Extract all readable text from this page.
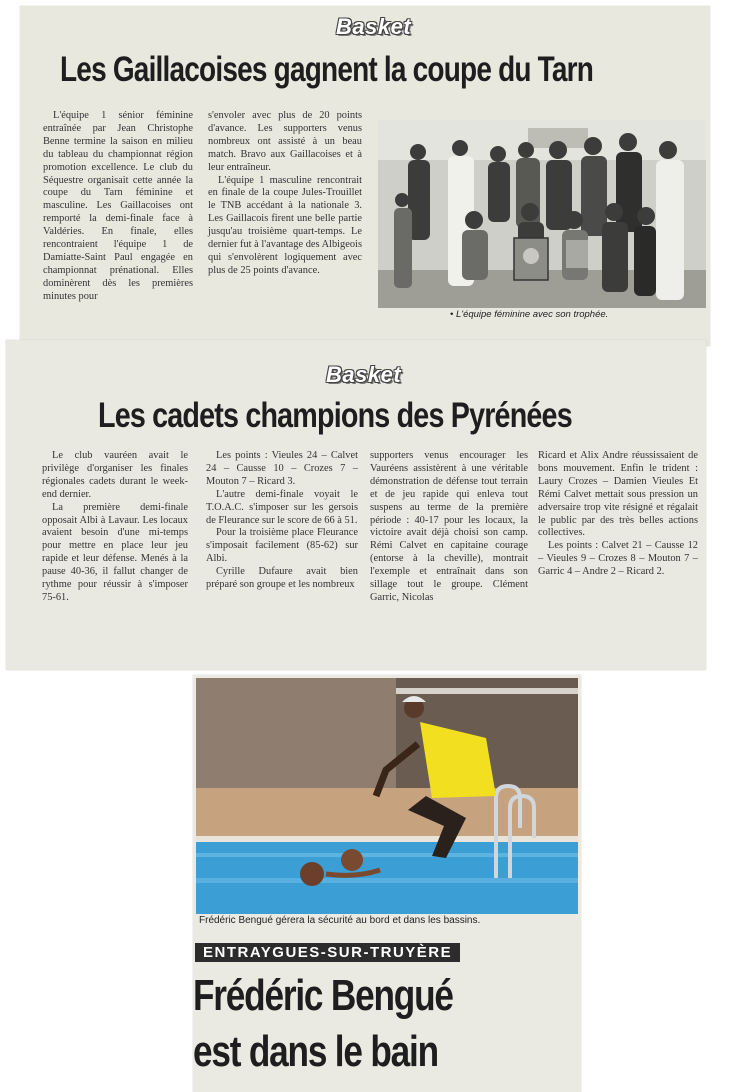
Basket
Les Gaillacoises gagnent la coupe du Tarn

L'équipe 1 sénior féminine entraînée par Jean Christophe Benne termine la saison en milieu du tableau du championnat région promotion excellence. Le club du Séquestre organisait cette année la coupe du Tarn féminine et masculine. Les Gaillacoises ont remporté la demi-finale face à Valdéries. En finale, elles rencontraient l'équipe 1 de Damiatte-Saint Paul engagée en championnat prénational. Elles dominèrent dès les premières minutes pour

s'envoler avec plus de 20 points d'avance. Les supporters venus nombreux ont assisté à un beau match. Bravo aux Gaillacoises et à leur entraîneur.

L'équipe 1 masculine rencontrait en finale de la coupe Jules-Trouillet le TNB accédant à la nationale 3. Les Gaillacois firent une belle partie jusqu'au troisième quart-temps. Le dernier fut à l'avantage des Albigeois qui s'envolèrent logiquement avec plus de 25 points d'avance.

• L'équipe féminine avec son trophée.
Basket
Les cadets champions des Pyrénées

Le club vauréen avait le privilège d'organiser les finales régionales cadets durant le week-end dernier.

La première demi-finale opposait Albi à Lavaur. Les locaux avaient besoin d'une mi-temps pour mettre en place leur jeu rapide et leur défense. Menés à la pause 40-36, il fallut changer de rythme pour réussir à s'imposer 75-61.

Les points : Vieules 24 – Calvet 24 – Causse 10 – Crozes 7 – Mouton 7 – Ricard 3.

L'autre demi-finale voyait le T.O.A.C. s'imposer sur les gersois de Fleurance sur le score de 66 à 51.

Pour la troisième place Fleurance s'imposait facilement (85-62) sur Albi.

Cyrille Dufaure avait bien préparé son groupe et les nombreux

supporters venus encourager les Vauréens assistèrent à une véritable démonstration de défense tout terrain et de jeu rapide qui enleva tout suspens au terme de la première période : 40-17 pour les locaux, la victoire avait déjà choisi son camp. Rémi Calvet en capitaine courage (entorse à la cheville), montrait l'exemple et entraînait dans son sillage tout le groupe. Clément Garric, Nicolas

Ricard et Alix Andre réussissaient de bons mouvement. Enfin le trident : Laury Crozes – Damien Vieules Et Rémi Calvet mettait sous pression un adversaire trop vite résigné et régalait le public par des très belles actions collectives.

Les points : Calvet 21 – Causse 12 – Vieules 9 – Crozes 8 – Mouton 7 – Garric 4 – Andre 2 – Ricard 2.

Frédéric Bengué gérera la sécurité au bord et dans les bassins.
ENTRAYGUES-SUR-TRUYÈRE
Frédéric Bengué
est dans le bain
